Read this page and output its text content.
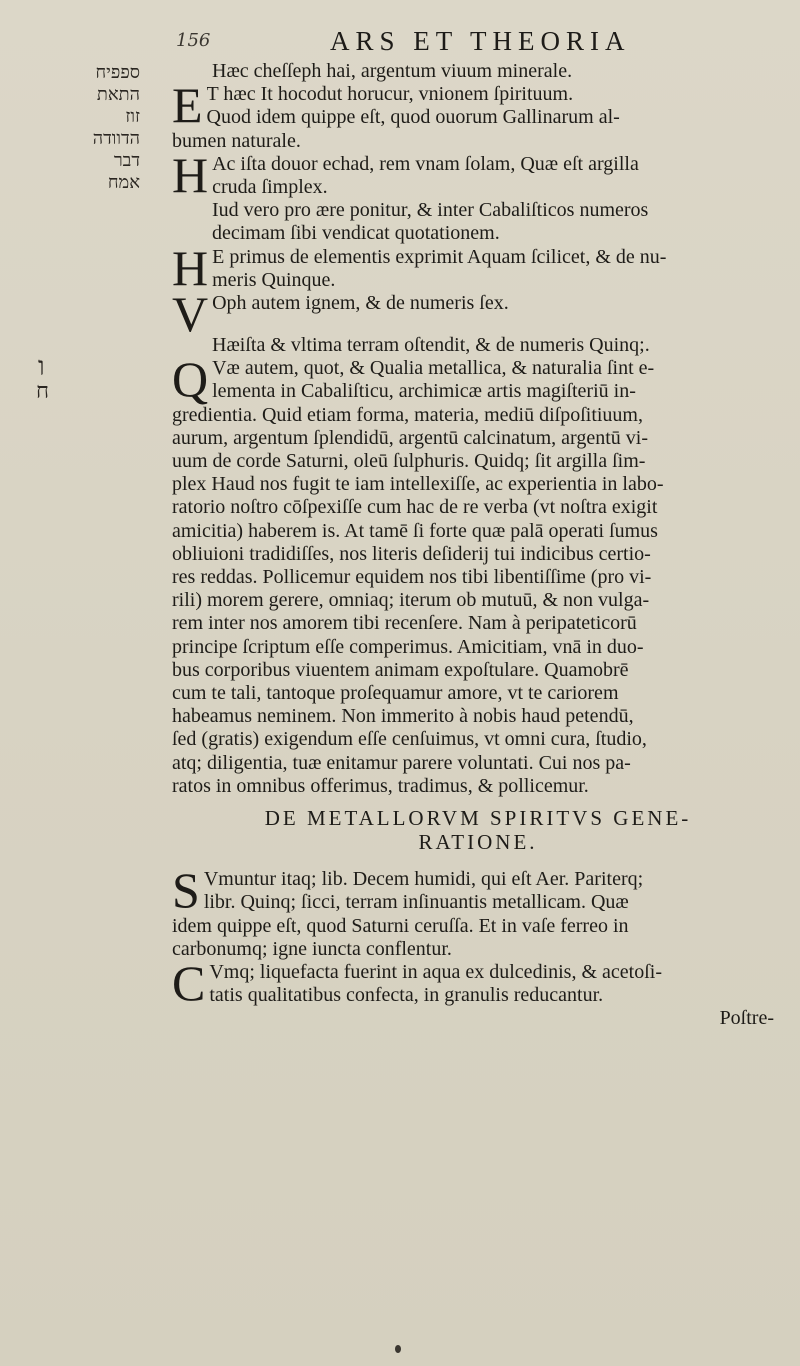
156	ARS ET THEORIA
ספפיח
התאת
זוז
הדוודה
דבר
אמח
ו
ח
Hæc cheſſeph hai, argentum viuum minerale.
E T hæc It hocodut horucur, vnionem ſpirituum.
Quod idem quippe eſt, quod ouorum Gallinarum al-
bumen naturale.
H Ac iſta douor echad, rem vnam ſolam, Quæ eſt argilla
cruda ſimplex.
Iud vero pro ære ponitur, & inter Cabaliſticos numeros
decimam ſibi vendicat quotationem.
H E primus de elementis exprimit Aquam ſcilicet, & de nu-
meris Quinque.
V Oph autem ignem, & de numeris ſex.
Hæiſta & vltima terram oſtendit, & de numeris Quinq;.
Q Væ autem, quot, & Qualia metallica, & naturalia ſint e-
lementa in Cabaliſticu, archimicæ artis magiſteriū in-
gredientia. Quid etiam forma, materia, mediū diſpoſitiuum,
aurum, argentum ſplendidū, argentū calcinatum, argentū vi-
uum de corde Saturni, oleū ſulphuris. Quidq; ſit argilla ſim-
plex Haud nos fugit te iam intellexiſſe, ac experientia in labo-
ratorio noſtro cōſpexiſſe cum hac de re verba (vt noſtra exigit
amicitia) haberem is. At tamē ſi forte quæ palā operati ſumus
obliuioni tradidiſſes, nos literis deſiderij tui indicibus certio-
res reddas. Pollicemur equidem nos tibi libentiſſime (pro vi-
rili) morem gerere, omniaq; iterum ob mutuū, & non vulga-
rem inter nos amorem tibi recenſere. Nam à peripateticorū
principe ſcriptum eſſe comperimus. Amicitiam, vnā in duo-
bus corporibus viuentem animam expoſtulare. Quamobrē
cum te tali, tantoque proſequamur amore, vt te cariorem
habeamus neminem. Non immerito à nobis haud petendū,
ſed (gratis) exigendum eſſe cenſuimus, vt omni cura, ſtudio,
atq; diligentia, tuæ enitamur parere voluntati. Cui nos pa-
ratos in omnibus offerimus, tradimus, & pollicemur.
DE METALLORVM SPIRITVS GENE-
RATIONE.
S Vmuntur itaq; lib. Decem humidi, qui eſt Aer. Pariterq;
libr. Quinq; ſicci, terram inſinuantis metallicam. Quæ
idem quippe eſt, quod Saturni ceruſſa. Et in vaſe ferreo in
carbonumq; igne iuncta conflentur.
C Vmq; liquefacta fuerint in aqua ex dulcedinis, & acetoſi-
tatis qualitatibus confecta, in granulis reducantur.
Poſtre-
